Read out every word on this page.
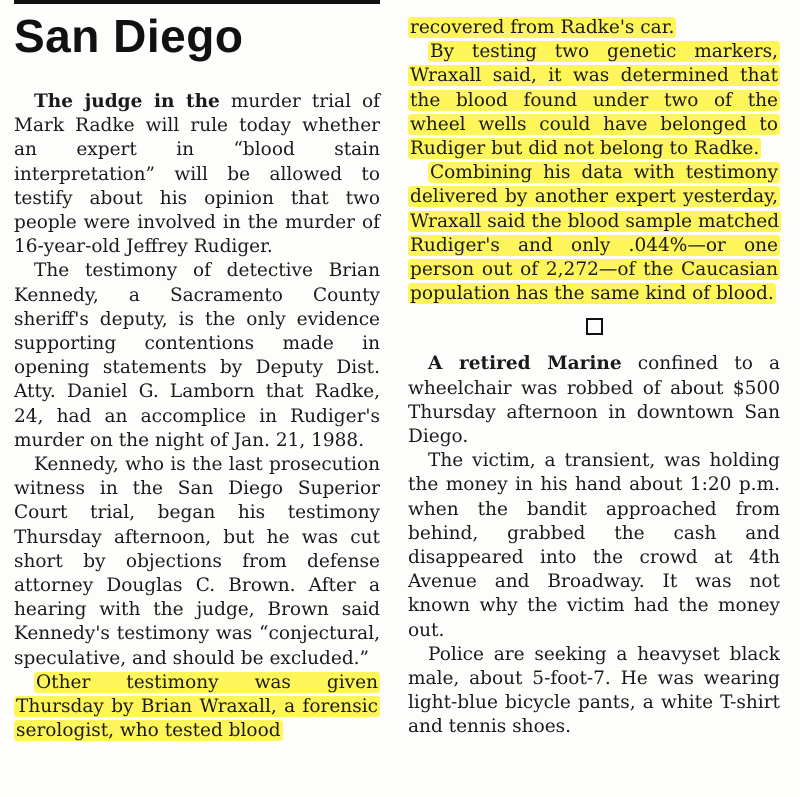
San Diego

The judge in the murder trial of Mark Radke will rule today whether an expert in “blood stain interpretation” will be allowed to testify about his opinion that two people were involved in the murder of 16-year-old Jeffrey Rudiger.

The testimony of detective Brian Kennedy, a Sacramento County sheriff's deputy, is the only evidence supporting contentions made in opening statements by Deputy Dist. Atty. Daniel G. Lamborn that Radke, 24, had an accomplice in Rudiger's murder on the night of Jan. 21, 1988.

Kennedy, who is the last prosecution witness in the San Diego Superior Court trial, began his testimony Thursday afternoon, but he was cut short by objections from defense attorney Douglas C. Brown. After a hearing with the judge, Brown said Kennedy's testimony was “conjectural, speculative, and should be excluded.”

Other testimony was given Thursday by Brian Wraxall, a forensic serologist, who tested blood

recovered from Radke's car.

By testing two genetic markers, Wraxall said, it was determined that the blood found under two of the wheel wells could have belonged to Rudiger but did not belong to Radke.

Combining his data with testimony delivered by another expert yesterday, Wraxall said the blood sample matched Rudiger's and only .044%—or one person out of 2,272—of the Caucasian population has the same kind of blood.

A retired Marine confined to a wheelchair was robbed of about $500 Thursday afternoon in downtown San Diego.

The victim, a transient, was holding the money in his hand about 1:20 p.m. when the bandit approached from behind, grabbed the cash and disappeared into the crowd at 4th Avenue and Broadway. It was not known why the victim had the money out.

Police are seeking a heavyset black male, about 5-foot-7. He was wearing light-blue bicycle pants, a white T-shirt and tennis shoes.
